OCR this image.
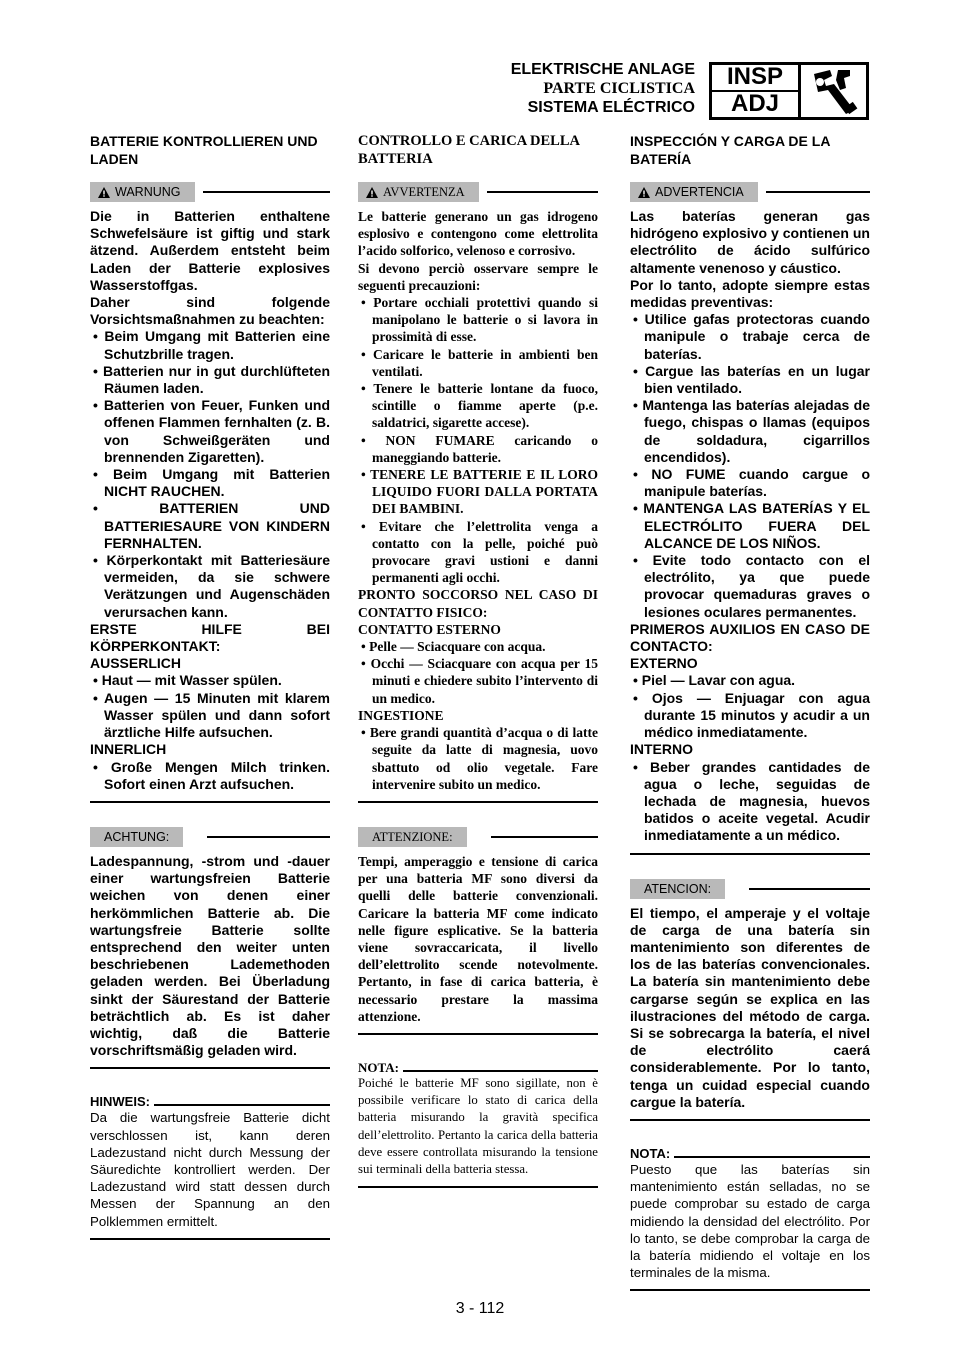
ELEKTRISCHE ANLAGE
PARTE CICLISTICA
SISTEMA ELÉCTRICO
INSP
ADJ
BATTERIE KONTROLLIEREN UND LADEN
WARNUNG

Die in Batterien enthaltene Schwefelsäure ist giftig und stark ätzend. Außerdem entsteht beim Laden der Batterie explosives Wasserstoffgas.

Daher sind folgende Vorsichtsmaßnahmen zu beachten:

• Beim Umgang mit Batterien eine Schutzbrille tragen.
• Batterien nur in gut durchlüfteten Räumen laden.
• Batterien von Feuer, Funken und offenen Flammen fernhalten (z. B. von Schweißgeräten und brennenden Zigaretten).
• Beim Umgang mit Batterien NICHT RAUCHEN.
• BATTERIEN UND BATTERIESAURE VON KINDERN FERNHALTEN.
• Körperkontakt mit Batteriesäure vermeiden, da sie schwere Verätzungen und Augenschäden verursachen kann.

ERSTE HILFE BEI KÖRPERKONTAKT:

AUSSERLICH

• Haut — mit Wasser spülen.
• Augen — 15 Minuten mit klarem Wasser spülen und dann sofort ärztliche Hilfe aufsuchen.

INNERLICH

• Große Mengen Milch trinken. Sofort einen Arzt aufsuchen.
ACHTUNG:

Ladespannung, -strom und -dauer einer wartungsfreien Batterie weichen von denen einer herkömmlichen Batterie ab. Die wartungsfreie Batterie sollte entsprechend den weiter unten beschriebenen Lademethoden geladen werden. Bei Überladung sinkt der Säurestand der Batterie beträchtlich ab. Es ist daher wichtig, daß die Batterie vorschriftsmäßig geladen wird.

HINWEIS:
Da die wartungsfreie Batterie dicht verschlossen ist, kann deren Ladezustand nicht durch Messung der Säuredichte kontrolliert werden. Der Ladezustand wird statt dessen durch Messen der Spannung an den Polklemmen ermittelt.
CONTROLLO E CARICA DELLA BATTERIA
AVVERTENZA

Le batterie generano un gas idrogeno esplosivo e contengono come elettrolita l’acido solforico, velenoso e corrosivo.

Si devono perciò osservare sempre le seguenti precauzioni:

• Portare occhiali protettivi quando si manipolano le batterie o si lavora in prossimità di esse.
• Caricare le batterie in ambienti ben ventilati.
• Tenere le batterie lontane da fuoco, scintille o fiamme aperte (p.e. saldatrici, sigarette accese).
• NON FUMARE caricando o maneggiando batterie.
• TENERE LE BATTERIE E IL LORO LIQUIDO FUORI DALLA PORTATA DEI BAMBINI.
• Evitare che l’elettrolita venga a contatto con la pelle, poiché può provocare gravi ustioni e danni permanenti agli occhi.

PRONTO SOCCORSO NEL CASO DI CONTATTO FISICO:

CONTATTO ESTERNO

• Pelle — Sciacquare con acqua.
• Occhi — Sciacquare con acqua per 15 minuti e chiedere subito l’intervento di un medico.

INGESTIONE

• Bere grandi quantità d’acqua o di latte seguite da latte di magnesia, uovo sbattuto od olio vegetale. Fare intervenire subito un medico.
ATTENZIONE:

Tempi, amperaggio e tensione di carica per una batteria MF sono diversi da quelli delle batterie convenzionali. Caricare la batteria MF come indicato nelle figure esplicative. Se la batteria viene sovraccaricata, il livello dell’elettrolito scende notevolmente. Pertanto, in fase di carica batteria, è necessario prestare la massima attenzione.

NOTA:
Poiché le batterie MF sono sigillate, non è possibile verificare lo stato di carica della batteria misurando la gravità specifica dell’elettrolito. Pertanto la carica della batteria deve essere controllata misurando la tensione sui terminali della batteria stessa.
INSPECCIÓN Y CARGA DE LA BATERÍA
ADVERTENCIA

Las baterías generan gas hidrógeno explosivo y contienen un electrólito de ácido sulfúrico altamente venenoso y cáustico.

Por lo tanto, adopte siempre estas medidas preventivas:

• Utilice gafas protectoras cuando manipule o trabaje cerca de baterías.
• Cargue las baterías en un lugar bien ventilado.
• Mantenga las baterías alejadas de fuego, chispas o llamas (equipos de soldadura, cigarrillos encendidos).
• NO FUME cuando cargue o manipule baterías.
• MANTENGA LAS BATERÍAS Y EL ELECTRÓLITO FUERA DEL ALCANCE DE LOS NIÑOS.
• Evite todo contacto con el electrólito, ya que puede provocar quemaduras graves o lesiones oculares permanentes.

PRIMEROS AUXILIOS EN CASO DE CONTACTO:

EXTERNO

• Piel — Lavar con agua.
• Ojos — Enjuagar con agua durante 15 minutos y acudir a un médico inmediatamente.

INTERNO

• Beber grandes cantidades de agua o leche, seguidas de lechada de magnesia, huevos batidos o aceite vegetal. Acudir inmediatamente a un médico.
ATENCION:

El tiempo, el amperaje y el voltaje de carga de una batería sin mantenimiento son diferentes de los de las baterías convencionales. La batería sin mantenimiento debe cargarse según se explica en las ilustraciones del método de carga. Si se sobrecarga la batería, el nivel de electrólito caerá considerablemente. Por lo tanto, tenga un cuidad especial cuando cargue la batería.

NOTA:
Puesto que las baterías sin mantenimiento están selladas, no se puede comprobar su estado de carga midiendo la densidad del electrólito. Por lo tanto, se debe comprobar la carga de la batería midiendo el voltaje en los terminales de la misma.
3 - 112
